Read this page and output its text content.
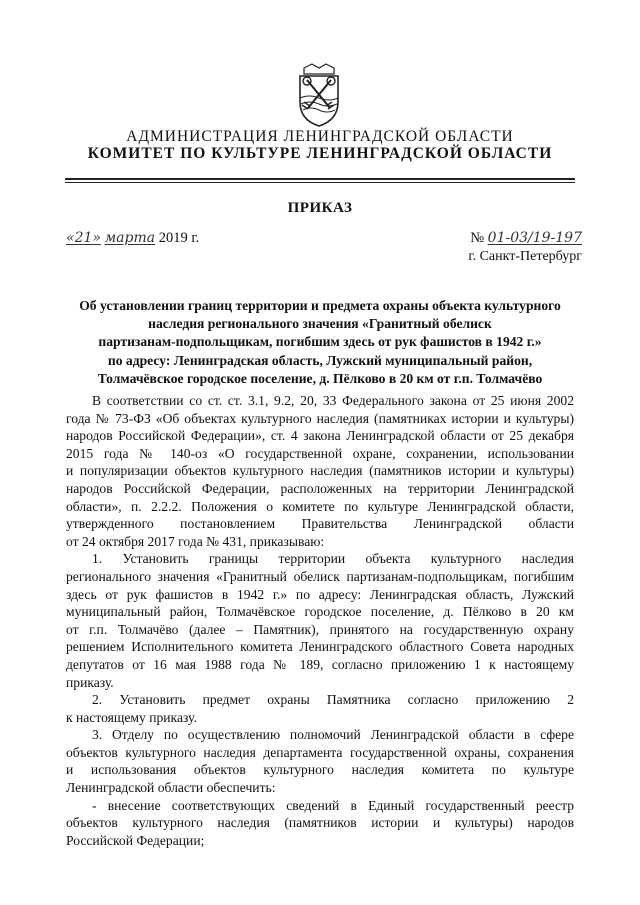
АДМИНИСТРАЦИЯ ЛЕНИНГРАДСКОЙ ОБЛАСТИ
КОМИТЕТ ПО КУЛЬТУРЕ ЛЕНИНГРАДСКОЙ ОБЛАСТИ
ПРИКАЗ
«21» марта 2019 г.	№ 01-03/19-197
г. Санкт-Петербург
Об установлении границ территории и предмета охраны объекта культурного
наследия регионального значения «Гранитный обелиск
партизанам-подпольщикам, погибшим здесь от рук фашистов в 1942 г.»
по адресу: Ленинградская область, Лужский муниципальный район,
Толмачёвское городское поселение, д. Пёлково в 20 км от г.п. Толмачёво
В соответствии со ст. ст. 3.1, 9.2, 20, 33 Федерального закона от 25 июня 2002
года № 73-ФЗ «Об объектах культурного наследия (памятниках истории и культуры)
народов Российской Федерации», ст. 4 закона Ленинградской области от 25 декабря
2015 года № 140-оз «О государственной охране, сохранении, использовании
и популяризации объектов культурного наследия (памятников истории и культуры)
народов Российской Федерации, расположенных на территории Ленинградской
области», п. 2.2.2. Положения о комитете по культуре Ленинградской области,
утвержденного постановлением Правительства Ленинградской области
от 24 октября 2017 года № 431, приказываю:
1. Установить границы территории объекта культурного наследия
регионального значения «Гранитный обелиск партизанам-подпольщикам, погибшим
здесь от рук фашистов в 1942 г.» по адресу: Ленинградская область, Лужский
муниципальный район, Толмачёвское городское поселение, д. Пёлково в 20 км
от г.п. Толмачёво (далее – Памятник), принятого на государственную охрану
решением Исполнительного комитета Ленинградского областного Совета народных
депутатов от 16 мая 1988 года № 189, согласно приложению 1 к настоящему
приказу.
2. Установить предмет охраны Памятника согласно приложению 2
к настоящему приказу.
3. Отделу по осуществлению полномочий Ленинградской области в сфере
объектов культурного наследия департамента государственной охраны, сохранения
и использования объектов культурного наследия комитета по культуре
Ленинградской области обеспечить:
- внесение соответствующих сведений в Единый государственный реестр
объектов культурного наследия (памятников истории и культуры) народов
Российской Федерации;
